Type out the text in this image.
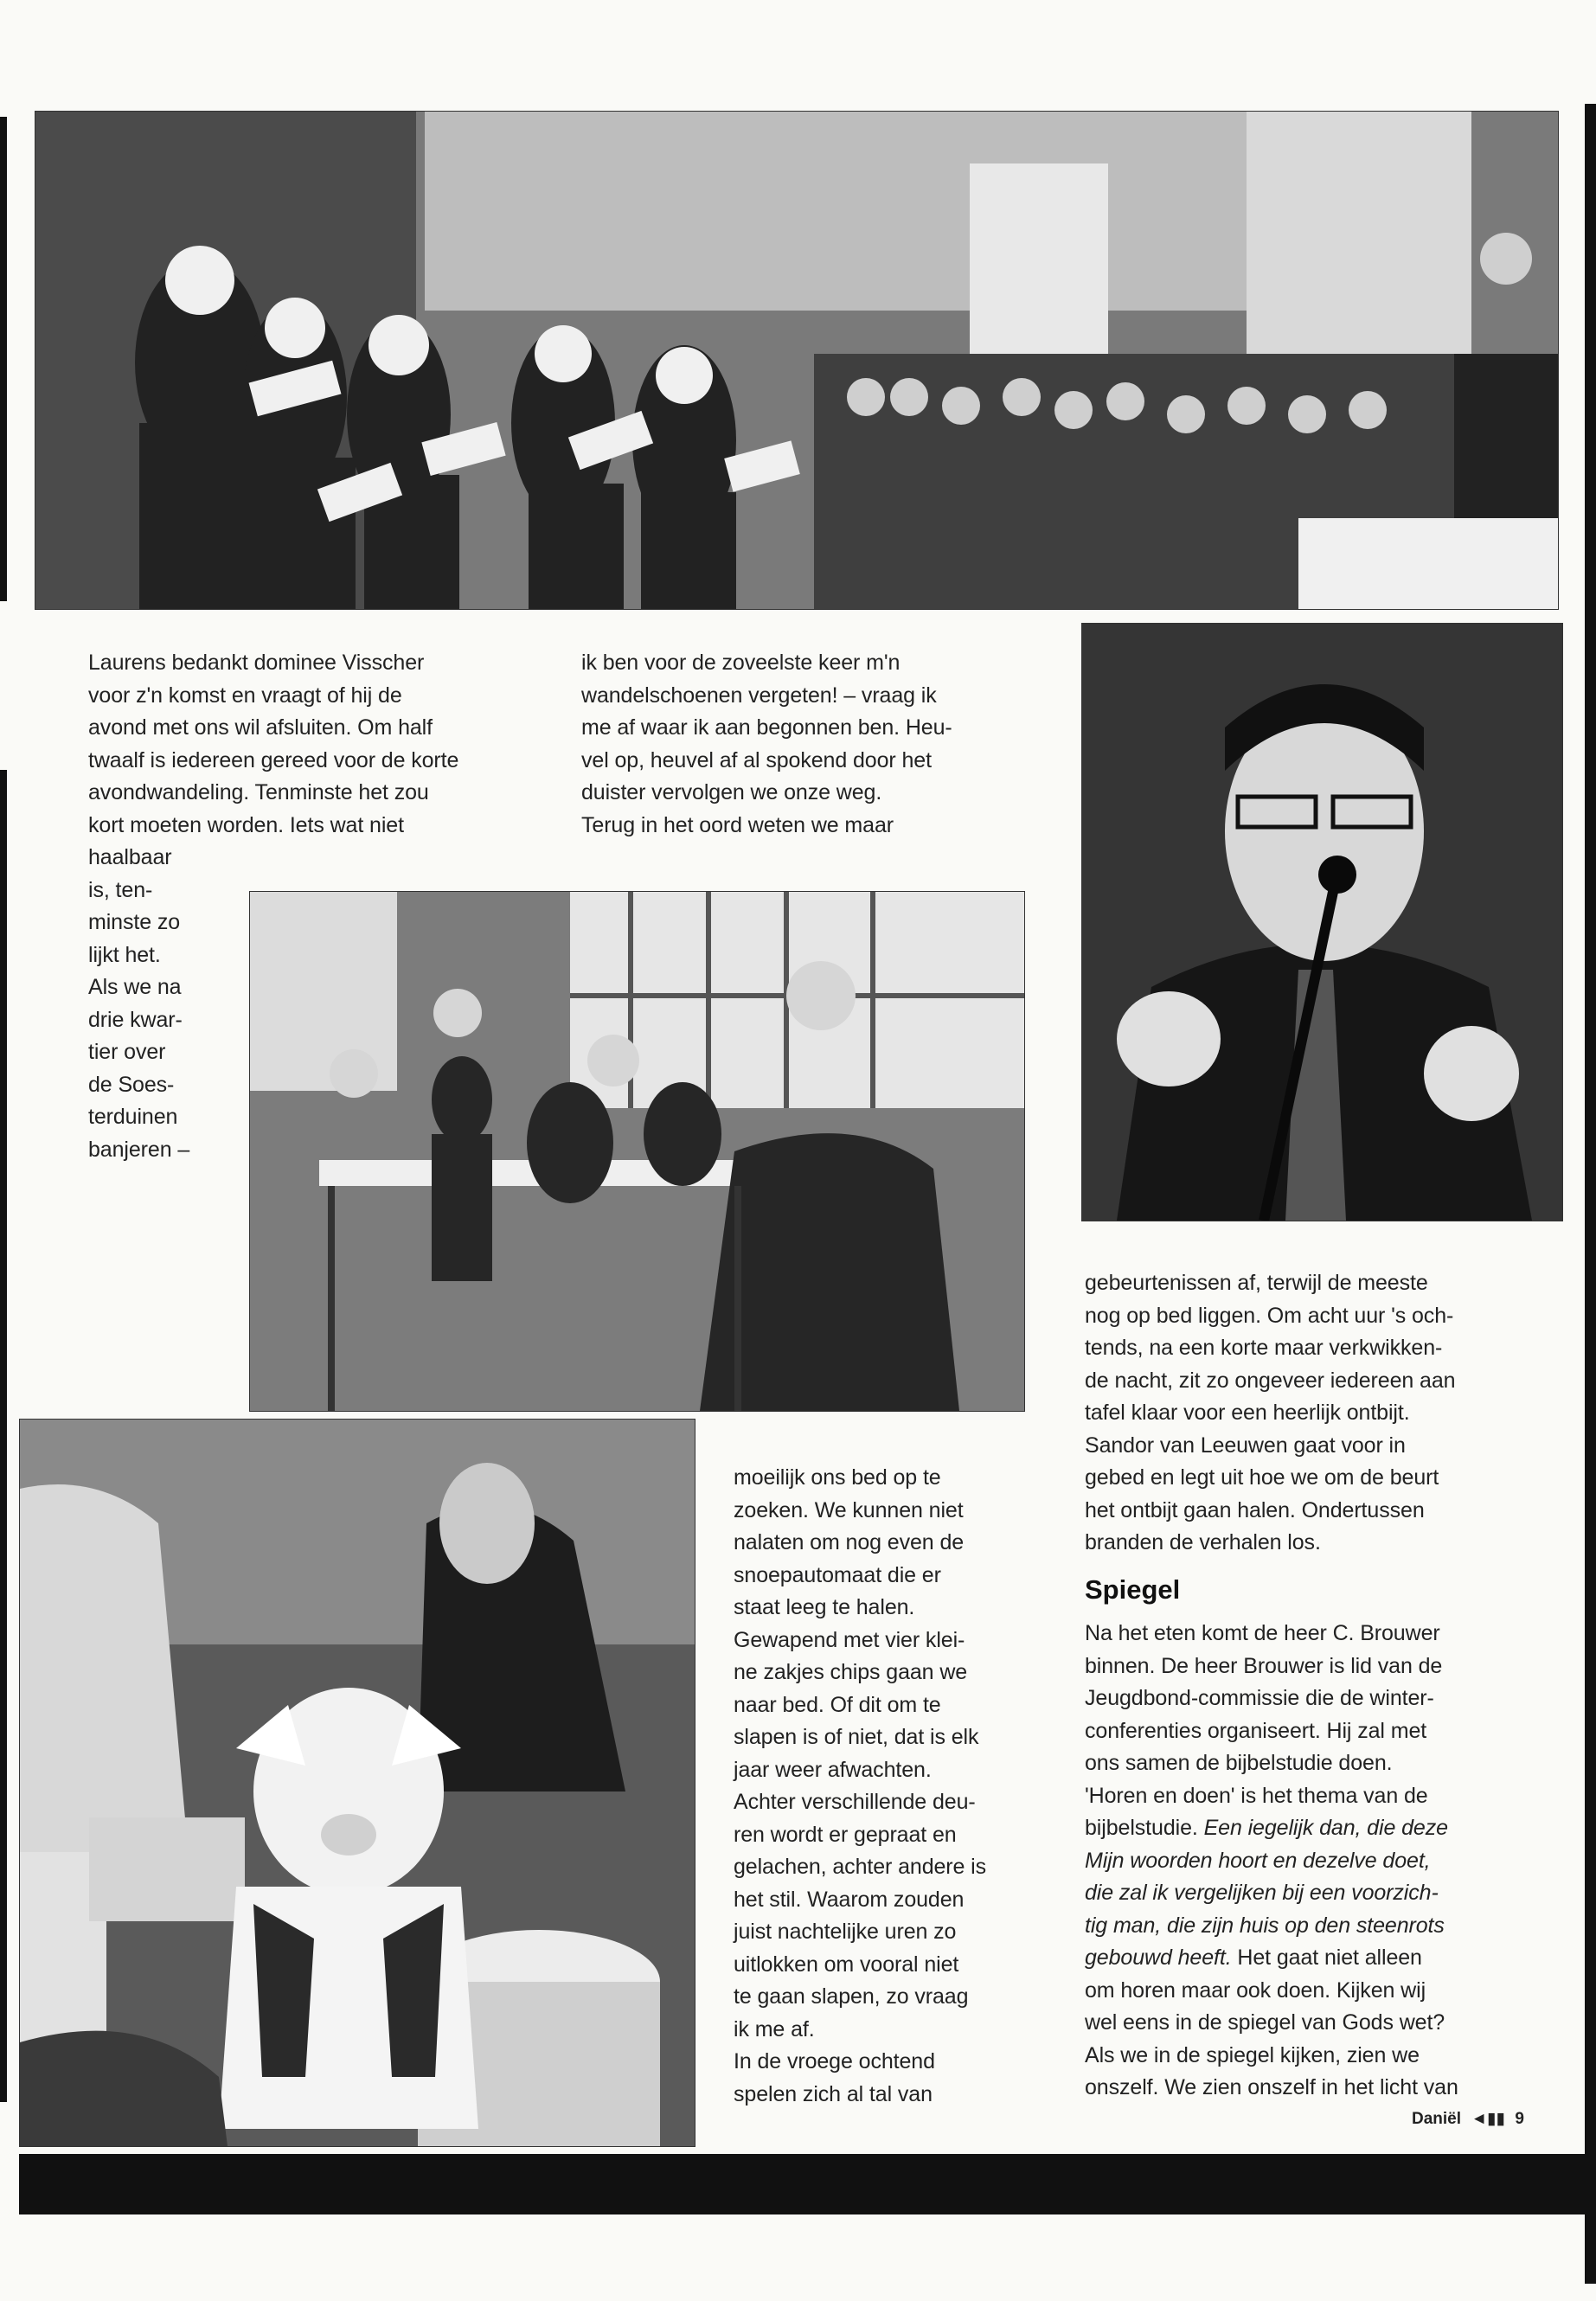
Laurens bedankt dominee Visscher

voor z'n komst en vraagt of hij de

avond met ons wil afsluiten. Om half

twaalf is iedereen gereed voor de korte

avondwandeling. Tenminste het zou

kort moeten worden. Iets wat niet

haalbaar

is, ten-

minste zo

lijkt het.

Als we na

drie kwar-

tier over

de Soes-

terduinen

banjeren –

ik ben voor de zoveelste keer m'n

wandelschoenen vergeten! – vraag ik

me af waar ik aan begonnen ben. Heu-

vel op, heuvel af al spokend door het

duister vervolgen we onze weg.

Terug in het oord weten we maar

moeilijk ons bed op te

zoeken. We kunnen niet

nalaten om nog even de

snoepautomaat die er

staat leeg te halen.

Gewapend met vier klei-

ne zakjes chips gaan we

naar bed. Of dit om te

slapen is of niet, dat is elk

jaar weer afwachten.

Achter verschillende deu-

ren wordt er gepraat en

gelachen, achter andere is

het stil. Waarom zouden

juist nachtelijke uren zo

uitlokken om vooral niet

te gaan slapen, zo vraag

ik me af.

In de vroege ochtend

spelen zich al tal van

gebeurtenissen af, terwijl de meeste

nog op bed liggen. Om acht uur 's och-

tends, na een korte maar verkwikken-

de nacht, zit zo ongeveer iedereen aan

tafel klaar voor een heerlijk ontbijt.

Sandor van Leeuwen gaat voor in

gebed en legt uit hoe we om de beurt

het ontbijt gaan halen. Ondertussen

branden de verhalen los.

Spiegel

Na het eten komt de heer C. Brouwer

binnen. De heer Brouwer is lid van de

Jeugdbond-commissie die de winter-

conferenties organiseert. Hij zal met

ons samen de bijbelstudie doen.

'Horen en doen' is het thema van de

bijbelstudie. Een iegelijk dan, die deze

Mijn woorden hoort en dezelve doet,

die zal ik vergelijken bij een voorzich-

tig man, die zijn huis op den steenrots

gebouwd heeft. Het gaat niet alleen

om horen maar ook doen. Kijken wij

wel eens in de spiegel van Gods wet?

Als we in de spiegel kijken, zien we

onszelf. We zien onszelf in het licht van

Daniël ◄▮▮ 9
